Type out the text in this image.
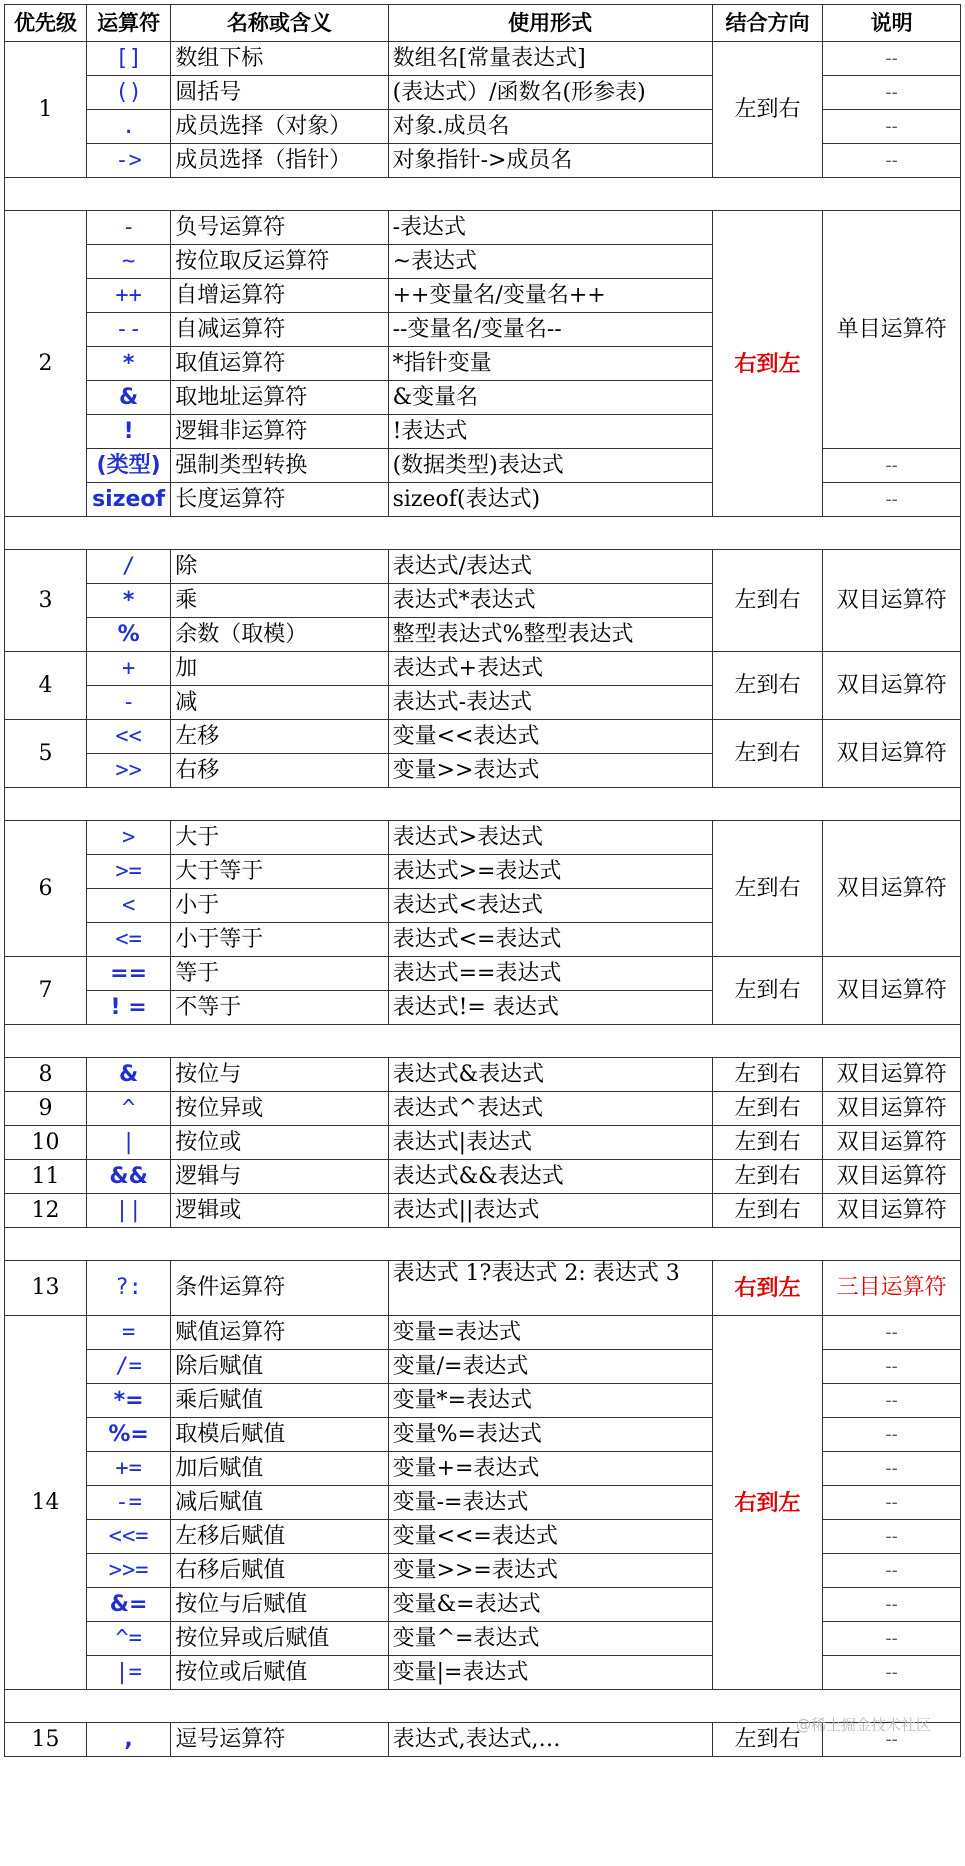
优先级	运算符	名称或含义	使用形式	结合方向	说明
1	[]	数组下标	数组名[常量表达式]	左到右	--
	()	圆括号	(表达式）/函数名(形参表)		--
	.	成员选择（对象）	对象.成员名		--
	->	成员选择（指针）	对象指针->成员名		--

2	-	负号运算符	-表达式	右到左	单目运算符
	~	按位取反运算符	~表达式		
	++	自增运算符	++变量名/变量名++		
	--	自减运算符	--变量名/变量名--		
	*	取值运算符	*指针变量		
	&	取地址运算符	&变量名		
	!	逻辑非运算符	!表达式		
	(类型)	强制类型转换	(数据类型)表达式		--
	sizeof	长度运算符	sizeof(表达式)		--

3	/	除	表达式/表达式	左到右	双目运算符
	*	乘	表达式*表达式		
	%	余数（取模）	整型表达式%整型表达式		
4	+	加	表达式+表达式	左到右	双目运算符
	-	减	表达式-表达式		
5	<<	左移	变量<<表达式	左到右	双目运算符
	>>	右移	变量>>表达式		

6	>	大于	表达式>表达式	左到右	双目运算符
	>=	大于等于	表达式>=表达式		
	<	小于	表达式<表达式		
	<=	小于等于	表达式<=表达式		
7	==	等于	表达式==表达式	左到右	双目运算符
	! =	不等于	表达式!= 表达式		

8	&	按位与	表达式&表达式	左到右	双目运算符
9	^	按位异或	表达式^表达式	左到右	双目运算符
10	|	按位或	表达式|表达式	左到右	双目运算符
11	&&	逻辑与	表达式&&表达式	左到右	双目运算符
12	||	逻辑或	表达式||表达式	左到右	双目运算符

13	?:	条件运算符	表达式 1?表达式 2: 表达式 3	右到左	三目运算符
14	=	赋值运算符	变量=表达式	右到左	--
	/=	除后赋值	变量/=表达式		--
	*=	乘后赋值	变量*=表达式		--
	%=	取模后赋值	变量%=表达式		--
	+=	加后赋值	变量+=表达式		--
	-=	减后赋值	变量-=表达式		--
	<<=	左移后赋值	变量<<=表达式		--
	>>=	右移后赋值	变量>>=表达式		--
	&=	按位与后赋值	变量&=表达式		--
	^=	按位异或后赋值	变量^=表达式		--
	|=	按位或后赋值	变量|=表达式		--

15	,	逗号运算符	表达式,表达式,…	左到右	--
@稀土掘金技术社区
